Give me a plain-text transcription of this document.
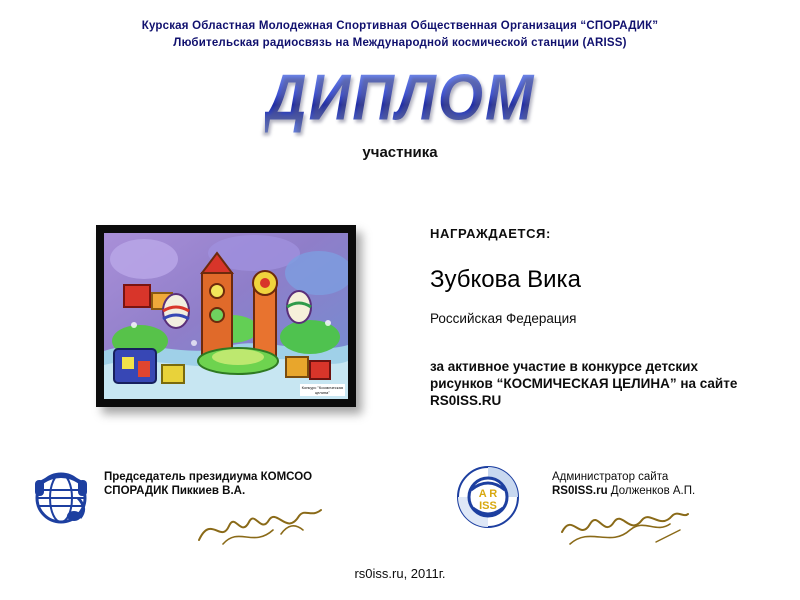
Курская Областная Молодежная Спортивная Общественная Организация “СПОРАДИК”
Любительская радиосвязь на Международной космической станции (ARISS)
ДИПЛОМ
участника
Конкурс "Космическая
целина"
НАГРАЖДАЕТСЯ:
Зубкова Вика
Российская Федерация
за активное участие в конкурсе детских рисунков “КОСМИЧЕСКАЯ ЦЕЛИНА” на сайте RS0ISS.RU
Председатель президиума КОМСОО
СПОРАДИК Пиккиев В.А.	A R
ISS
Администратор сайта
RS0ISS.ru Долженков А.П.
rs0iss.ru, 2011г.
